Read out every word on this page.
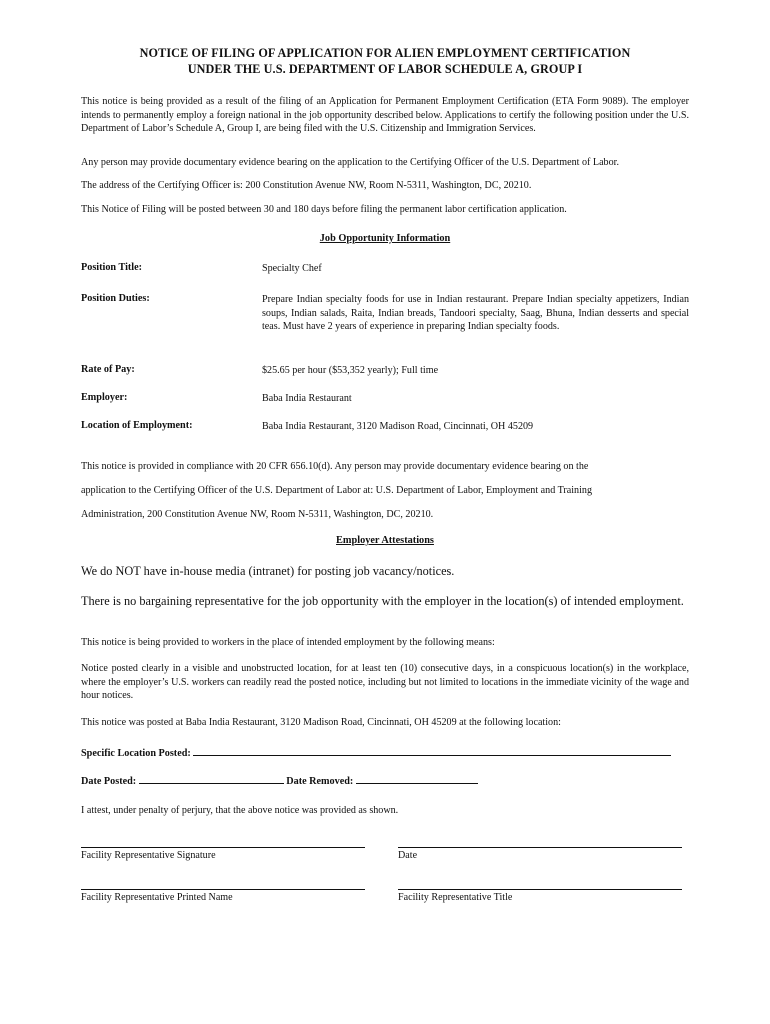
NOTICE OF FILING OF APPLICATION FOR ALIEN EMPLOYMENT CERTIFICATION
UNDER THE U.S. DEPARTMENT OF LABOR SCHEDULE A, GROUP I

This notice is being provided as a result of the filing of an Application for Permanent Employment Certification (ETA Form 9089). The employer intends to permanently employ a foreign national in the job opportunity described below. Applications to certify the following position under the U.S. Department of Labor’s Schedule A, Group I, are being filed with the U.S. Citizenship and Immigration Services.

Any person may provide documentary evidence bearing on the application to the Certifying Officer of the U.S. Department of Labor.
The address of the Certifying Officer is: 200 Constitution Avenue NW, Room N-5311, Washington, DC, 20210.
This Notice of Filing will be posted between 30 and 180 days before filing the permanent labor certification application.
Job Opportunity Information
Position Title:	Specialty Chef
Position Duties:	Prepare Indian specialty foods for use in Indian restaurant. Prepare Indian specialty appetizers, Indian soups, Indian salads, Raita, Indian breads, Tandoori specialty, Saag, Bhuna, Indian desserts and special teas. Must have 2 years of experience in preparing Indian specialty foods.

Rate of Pay:	$25.65 per hour ($53,352 yearly); Full time
Employer:	Baba India Restaurant
Location of Employment:	Baba India Restaurant, 3120 Madison Road, Cincinnati, OH 45209
This notice is provided in compliance with 20 CFR 656.10(d). Any person may provide documentary evidence bearing on the
application to the Certifying Officer of the U.S. Department of Labor at: U.S. Department of Labor, Employment and Training
Administration, 200 Constitution Avenue NW, Room N-5311, Washington, DC, 20210.
Employer Attestations

We do NOT have in-house media (intranet) for posting job vacancy/notices.

There is no bargaining representative for the job opportunity with the employer in the location(s) of intended employment.

This notice is being provided to workers in the place of intended employment by the following means:

Notice posted clearly in a visible and unobstructed location, for at least ten (10) consecutive days, in a conspicuous location(s) in the workplace, where the employer’s U.S. workers can readily read the posted notice, including but not limited to locations in the immediate vicinity of the wage and hour notices.

This notice was posted at Baba India Restaurant, 3120 Madison Road, Cincinnati, OH 45209 at the following location:
Specific Location Posted:
Date Posted:	Date Removed:
I attest, under penalty of perjury, that the above notice was provided as shown.
Facility Representative Signature	Date
Facility Representative Printed Name	Facility Representative Title
